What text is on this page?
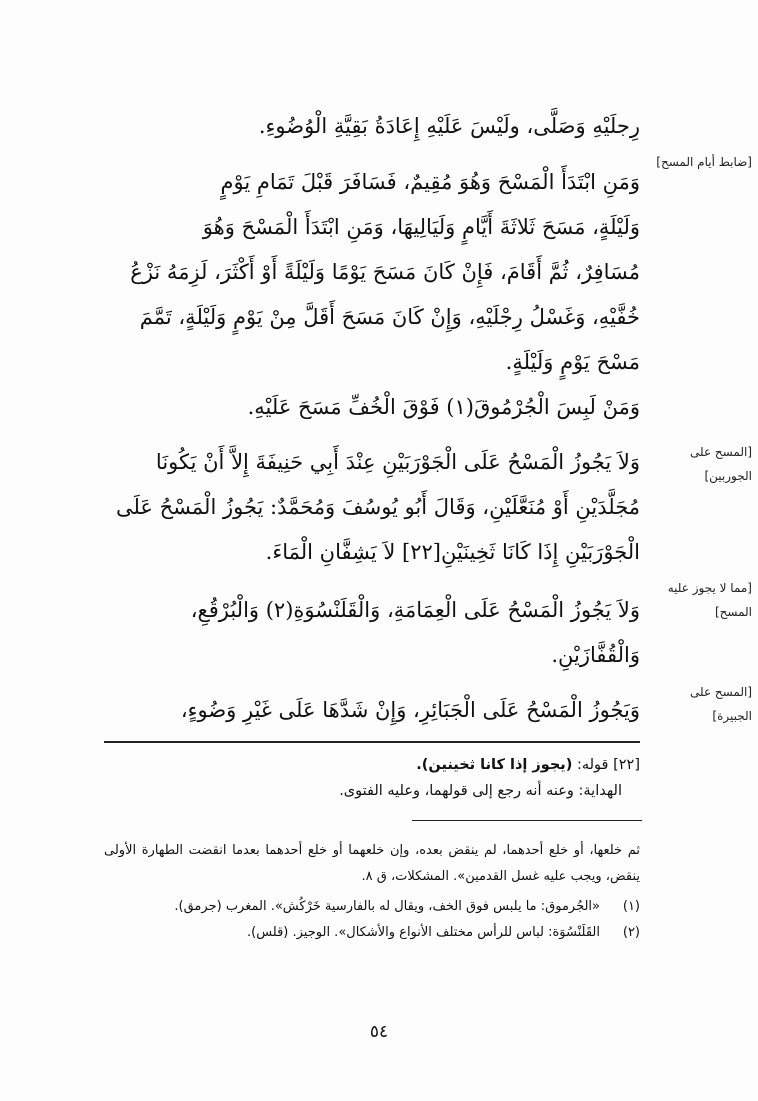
رِجلَيْهِ وَصَلَّى، ولَيْسَ عَلَيْهِ إِعَادَةُ بَقِيَّةِ الْوُضُوءِ.
وَمَنِ ابْتَدَأَ الْمَسْحَ وَهُوَ مُقِيمٌ، فَسَافَرَ قَبْلَ تَمَامِ يَوْمٍ
وَلَيْلَةٍ، مَسَحَ ثَلاثَةَ أَيَّامٍ وَلَيَالِيهَا، وَمَنِ ابْتَدَأَ الْمَسْحَ وَهُوَ
مُسَافِرٌ، ثُمَّ أَقَامَ، فَإِنْ كَانَ مَسَحَ يَوْمًا وَلَيْلَةً أَوْ أَكْثَرَ، لَزِمَهُ نَزْعُ
خُفَّيْهِ، وَغَسْلُ رِجْلَيْهِ، وَإِنْ كَانَ مَسَحَ أَقَلَّ مِنْ يَوْمٍ وَلَيْلَةٍ، تَمَّمَ
مَسْحَ يَوْمٍ وَلَيْلَةٍ.
وَمَنْ لَبِسَ الْجُرْمُوقَ(١) فَوْقَ الْخُفِّ مَسَحَ عَلَيْهِ.
وَلاَ يَجُوزُ الْمَسْحُ عَلَى الْجَوْرَبَيْنِ عِنْدَ أَبِي حَنِيفَةَ إِلاَّ أَنْ يَكُونَا
مُجَلَّدَيْنِ أَوْ مُنَعَّلَيْنِ، وَقَالَ أَبُو يُوسُفَ وَمُحَمَّدٌ: يَجُوزُ الْمَسْحُ عَلَى
الْجَوْرَبَيْنِ إِذَا كَانَا ثَخِينَيْنِ[٢٢] لاَ يَشِفَّانِ الْمَاءَ.
وَلاَ يَجُوزُ الْمَسْحُ عَلَى الْعِمَامَةِ، وَالْقَلَنْسُوَةِ(٢) وَالْبُرْقُعِ،
وَالْقُفَّازَيْنِ.
وَيَجُوزُ الْمَسْحُ عَلَى الْجَبَائِرِ، وَإِنْ شَدَّهَا عَلَى غَيْرِ وَضُوءٍ،
[ضابط أيام المسح]
[المسح على الجوربين]
[مما لا يجوز عليه المسح]
[المسح على الجبيرة]
[٢٢] قوله: (يجوز إذا كانا ثخينين).
الهداية: وعنه أنه رجع إلى قولهما، وعليه الفتوى.
ثم خلعها، أو خلع أحدهما، لم ينقض بعده، وإن خلعهما أو خلع أحدهما بعدما انقضت الطهارة الأولى ينقض، ويجب عليه غسل القدمين». المشكلات، ق ٨.
(١)
«الجُرموق: ما يلبس فوق الخف، ويقال له بالفارسية خَرْكُش». المغرب (جرمق).
(٢)
القَلَنْسُوَة: لباس للرأس مختلف الأنواع والأشكال». الوجيز. (قلس).
٥٤
